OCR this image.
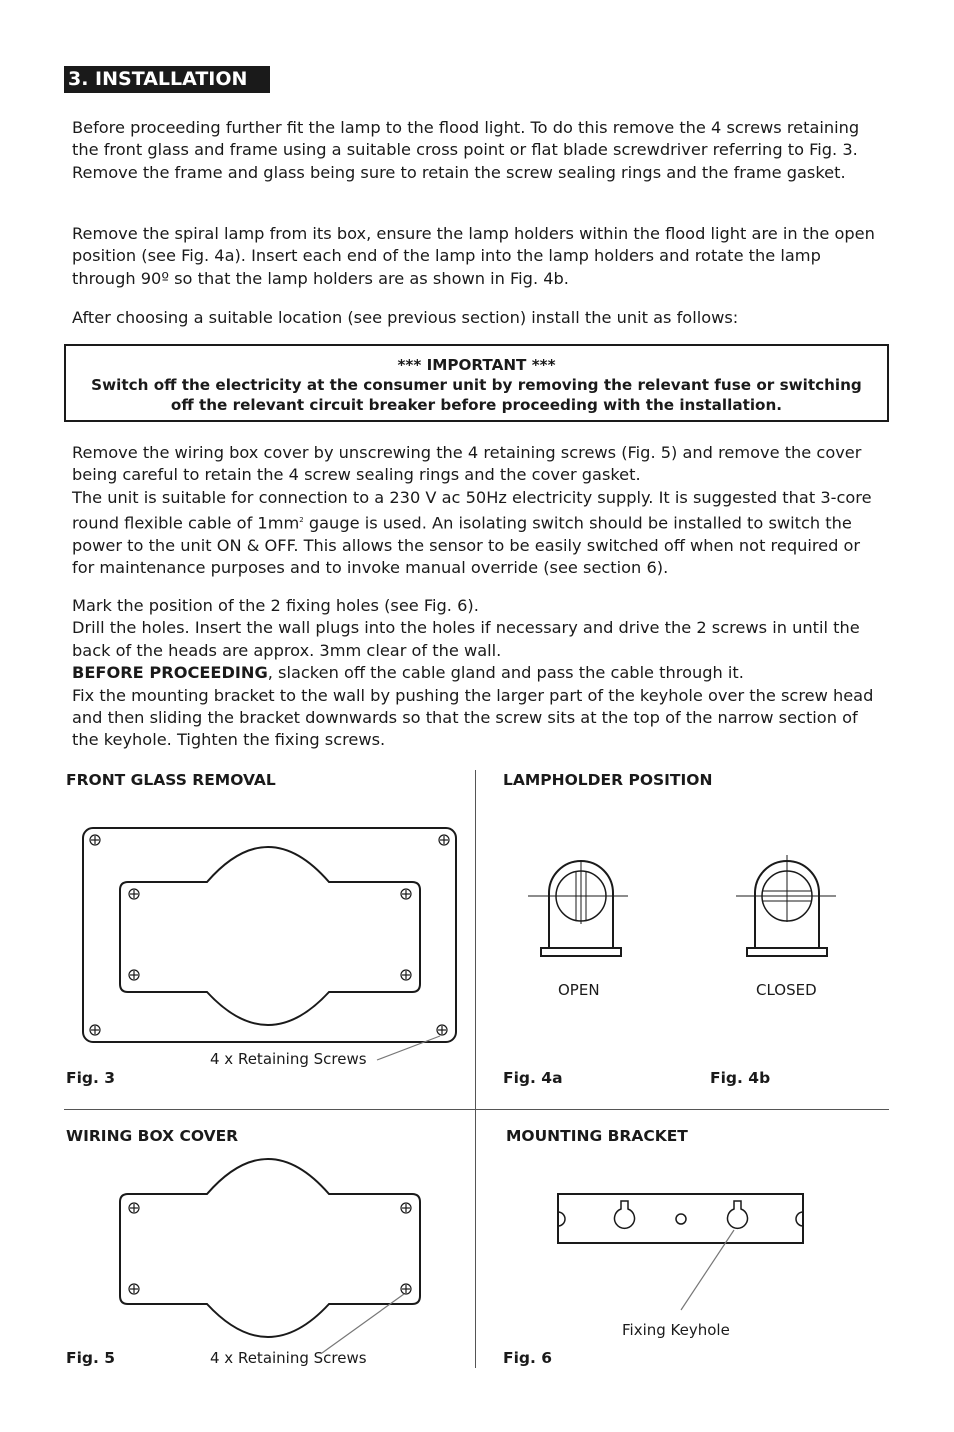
3. INSTALLATION

Before proceeding further fit the lamp to the flood light. To do this remove the 4 screws retaining the front glass and frame using a suitable cross point or flat blade screwdriver referring to Fig. 3. Remove the frame and glass being sure to retain the screw sealing rings and the frame gasket.

Remove the spiral lamp from its box, ensure the lamp holders within the flood light are in the open position (see Fig. 4a). Insert each end of the lamp into the lamp holders and rotate the lamp through 90º so that the lamp holders are as shown in Fig. 4b.

After choosing a suitable location (see previous section) install the unit as follows:

*** IMPORTANT ***
Switch off the electricity at the consumer unit by removing the relevant fuse or switching
off the relevant circuit breaker before proceeding with the installation.

Remove the wiring box cover by unscrewing the 4 retaining screws (Fig. 5) and remove the cover being careful to retain the 4 screw sealing rings and the cover gasket.
The unit is suitable for connection to a 230 V ac 50Hz electricity supply. It is suggested that 3-core round flexible cable of $1mm^2$ gauge is used. An isolating switch should be installed to switch the power to the unit ON & OFF. This allows the sensor to be easily switched off when not required or for maintenance purposes and to invoke manual override (see section 6).

Mark the position of the 2 fixing holes (see Fig. 6).
Drill the holes. Insert the wall plugs into the holes if necessary and drive the 2 screws in until the back of the heads are approx. 3mm clear of the wall.
BEFORE PROCEEDING, slacken off the cable gland and pass the cable through it.
Fix the mounting bracket to the wall by pushing the larger part of the keyhole over the screw head and then sliding the bracket downwards so that the screw sits at the top of the narrow section of the keyhole. Tighten the fixing screws.

FRONT GLASS REMOVAL
4 x Retaining Screws
Fig. 3
LAMPHOLDER POSITION
OPEN	CLOSED
Fig. 4a	Fig. 4b
WIRING BOX COVER
Fig. 5	4 x Retaining Screws
MOUNTING BRACKET
Fixing Keyhole
Fig. 6
